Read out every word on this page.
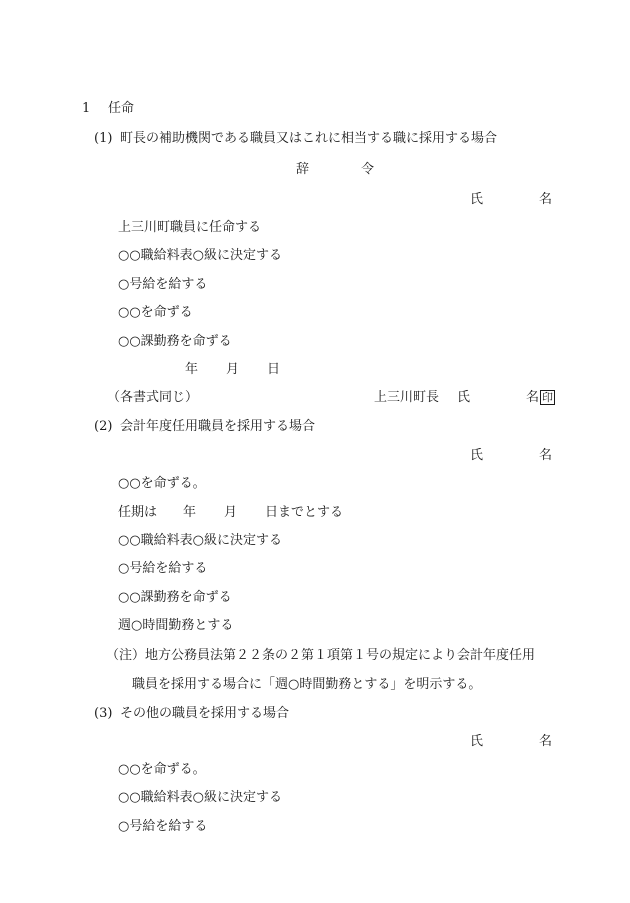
1 任命
(1) 町長の補助機関である職員又はこれに相当する職に採用する場合
辞	令
氏	名
上三川町職員に任命する
○○職給料表○級に決定する
○号給を給する
○○を命ずる
○○課勤務を命ずる
年 月 日
（各書式同じ）	上三川町長 氏	名 印
(2) 会計年度任用職員を採用する場合
氏	名
○○を命ずる。
任期は 年 月 日までとする
○○職給料表○級に決定する
○号給を給する
○○課勤務を命ずる
週○時間勤務とする
（注）地方公務員法第２２条の２第１項第１号の規定により会計年度任用
職員を採用する場合に「週○時間勤務とする」を明示する。
(3) その他の職員を採用する場合
氏	名
○○を命ずる。
○○職給料表○級に決定する
○号給を給する
